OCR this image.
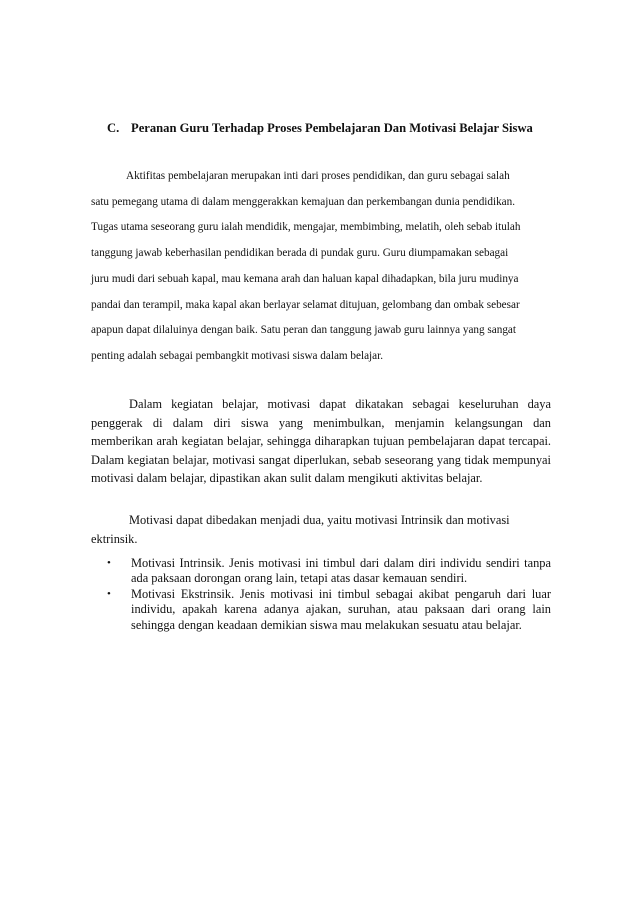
C. Peranan Guru Terhadap Proses Pembelajaran Dan Motivasi Belajar Siswa

Aktifitas pembelajaran merupakan inti dari proses pendidikan, dan guru sebagai salah

satu pemegang utama di dalam menggerakkan kemajuan dan perkembangan dunia pendidikan.

Tugas utama seseorang guru ialah mendidik, mengajar, membimbing, melatih, oleh sebab itulah

tanggung jawab keberhasilan pendidikan berada di pundak guru. Guru diumpamakan sebagai

juru mudi dari sebuah kapal, mau kemana arah dan haluan kapal dihadapkan, bila juru mudinya

pandai dan terampil, maka kapal akan berlayar selamat ditujuan, gelombang dan ombak sebesar

apapun dapat dilaluinya dengan baik. Satu peran dan tanggung jawab guru lainnya yang sangat

penting adalah sebagai pembangkit motivasi siswa dalam belajar.

Dalam kegiatan belajar, motivasi dapat dikatakan sebagai keseluruhan daya penggerak di dalam diri siswa yang menimbulkan, menjamin kelangsungan dan memberikan arah kegiatan belajar, sehingga diharapkan tujuan pembelajaran dapat tercapai. Dalam kegiatan belajar, motivasi sangat diperlukan, sebab seseorang yang tidak mempunyai motivasi dalam belajar, dipastikan akan sulit dalam mengikuti aktivitas belajar.

Motivasi dapat dibedakan menjadi dua, yaitu motivasi Intrinsik dan motivasi ektrinsik.

• Motivasi Intrinsik. Jenis motivasi ini timbul dari dalam diri individu sendiri tanpa ada paksaan dorongan orang lain, tetapi atas dasar kemauan sendiri.
• Motivasi Ekstrinsik. Jenis motivasi ini timbul sebagai akibat pengaruh dari luar individu, apakah karena adanya ajakan, suruhan, atau paksaan dari orang lain sehingga dengan keadaan demikian siswa mau melakukan sesuatu atau belajar.
